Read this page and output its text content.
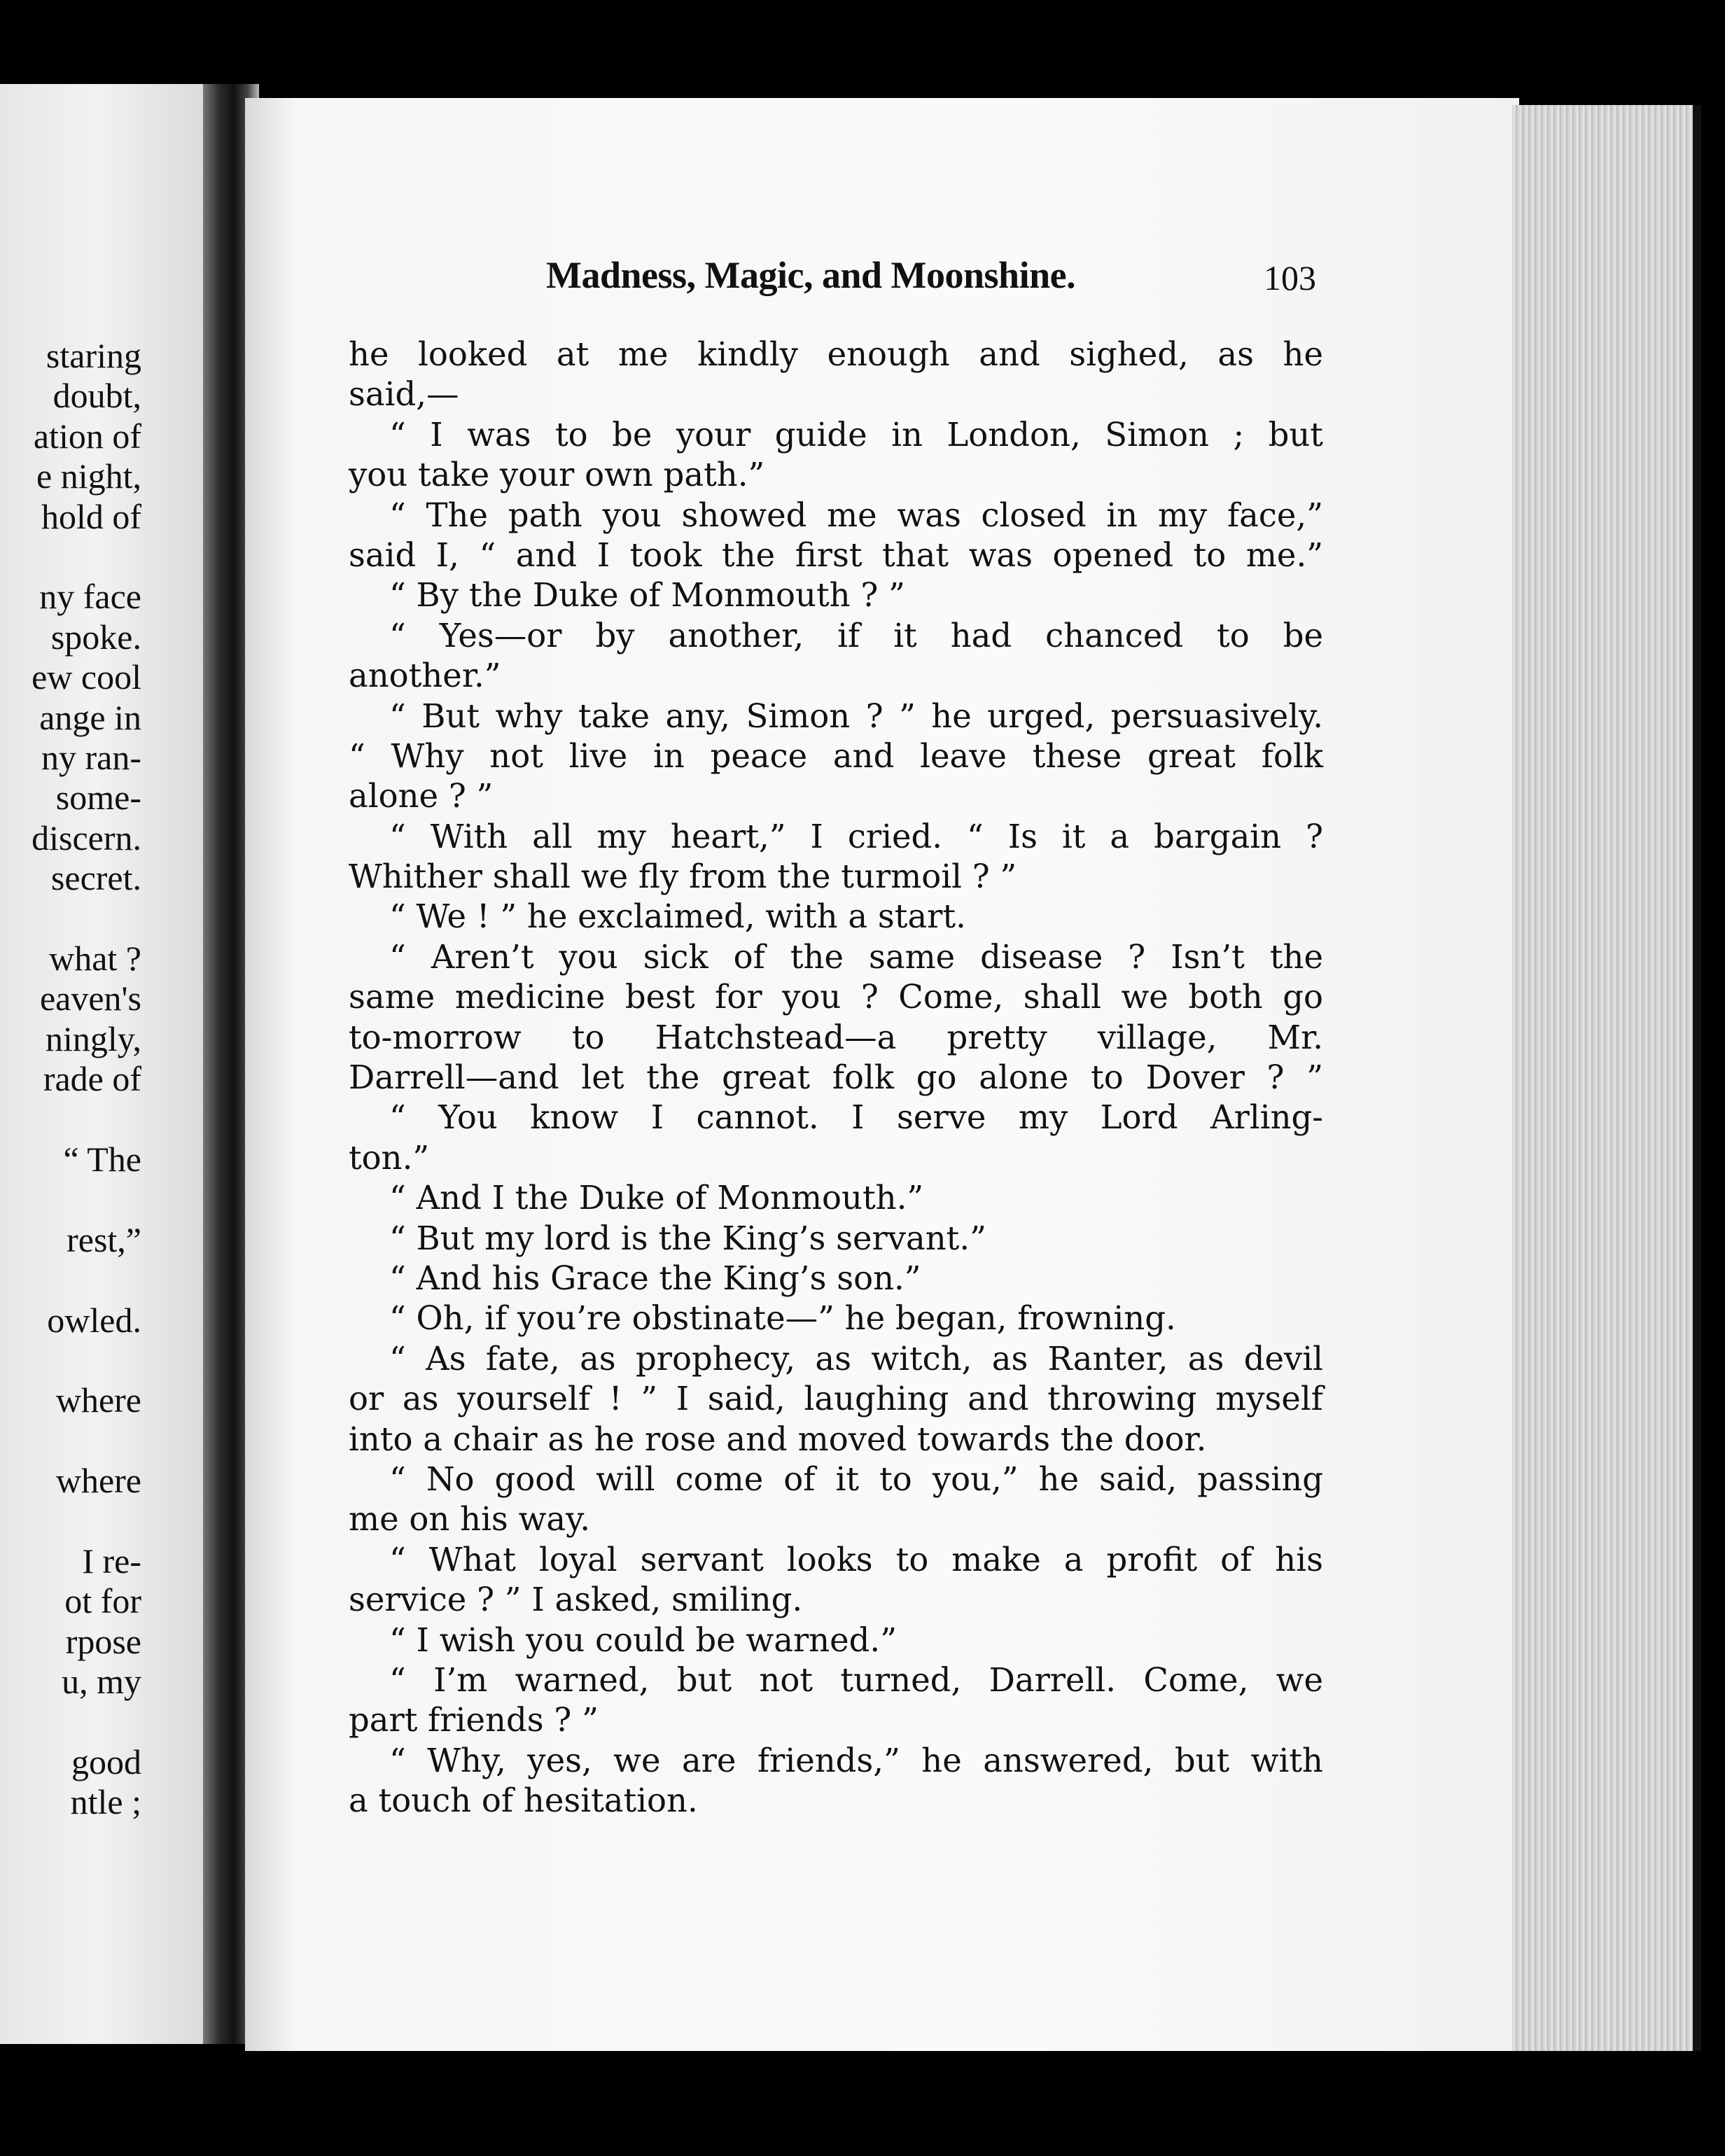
staring
doubt,
ation of
e night,
hold of
ny face
spoke.
ew cool
ange in
ny ran-
some-
discern.
secret.
what ?
eaven's
ningly,
rade of
“ The
rest,”
owled.
where
where
I re-
ot for
rpose
u, my
good
ntle ;
Madness, Magic, and Moonshine.	103
he looked at me kindly enough and sighed, as he
said,—
“ I was to be your guide in London, Simon ; but
you take your own path.”
“ The path you showed me was closed in my face,”
said I, “ and I took the first that was opened to me.”
“ By the Duke of Monmouth ? ”
“ Yes—or by another, if it had chanced to be
another.”
“ But why take any, Simon ? ” he urged, persuasively.
“ Why not live in peace and leave these great folk
alone ? ”
“ With all my heart,” I cried. “ Is it a bargain ?
Whither shall we fly from the turmoil ? ”
“ We ! ” he exclaimed, with a start.
“ Aren’t you sick of the same disease ? Isn’t the
same medicine best for you ? Come, shall we both go
to-morrow to Hatchstead—a pretty village, Mr.
Darrell—and let the great folk go alone to Dover ? ”
“ You know I cannot. I serve my Lord Arling-
ton.”
“ And I the Duke of Monmouth.”
“ But my lord is the King’s servant.”
“ And his Grace the King’s son.”
“ Oh, if you’re obstinate—” he began, frowning.
“ As fate, as prophecy, as witch, as Ranter, as devil
or as yourself ! ” I said, laughing and throwing myself
into a chair as he rose and moved towards the door.
“ No good will come of it to you,” he said, passing
me on his way.
“ What loyal servant looks to make a profit of his
service ? ” I asked, smiling.
“ I wish you could be warned.”
“ I’m warned, but not turned, Darrell. Come, we
part friends ? ”
“ Why, yes, we are friends,” he answered, but with
a touch of hesitation.
